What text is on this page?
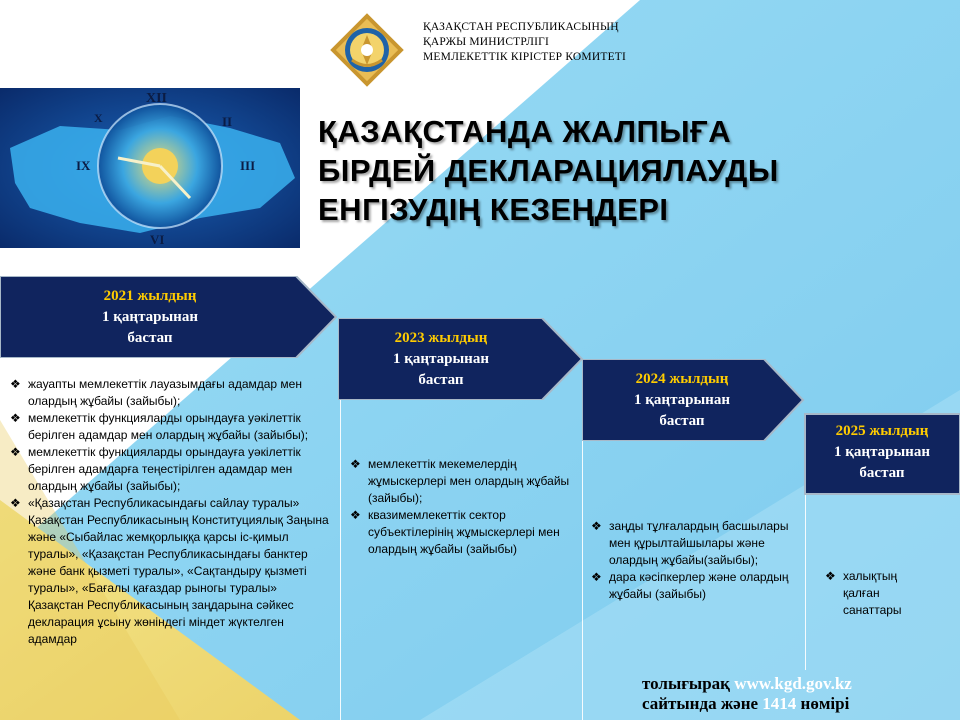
ҚАЗАҚСТАН РЕСПУБЛИКАСЫНЫҢ
ҚАРЖЫ МИНИСТРЛІГІ
МЕМЛЕКЕТТІК КІРІСТЕР КОМИТЕТІ
XII
II
III
IX
VI
X	ҚАЗАҚСТАНДА ЖАЛПЫҒА
БІРДЕЙ ДЕКЛАРАЦИЯЛАУДЫ
ЕНГІЗУДІҢ КЕЗЕҢДЕРІ
2021 жылдың
1 қаңтарынан
бастап	2023 жылдың
1 қаңтарынан
бастап	2024 жылдың
1 қаңтарынан
бастап
2025 жылдың
1 қаңтарынан
бастап
❖ жауапты мемлекеттік лауазымдағы адамдар мен олардың жұбайы (зайыбы);
❖ мемлекеттік функцияларды орындауға уәкілеттік берілген адамдар мен олардың жұбайы (зайыбы);
❖ мемлекеттік функцияларды орындауға уәкілеттік берілген адамдарға теңестірілген адамдар мен олардың жұбайы (зайыбы);
❖ «Қазақстан Республикасындағы сайлау туралы» Қазақстан Республикасының Конституциялық Заңына және «Сыбайлас жемқорлыққа қарсы іс-қимыл туралы», «Қазақстан Республикасындағы банктер және банк қызметі туралы», «Сақтандыру қызметі туралы», «Бағалы қағаздар рыногы туралы» Қазақстан Республикасының заңдарына сәйкес декларация ұсыну жөніндегі міндет жүктелген адамдар
❖ мемлекеттік мекемелердің жұмыскерлері мен олардың жұбайы (зайыбы);
❖ квазимемлекеттік сектор субъектілерінің жұмыскерлері мен олардың жұбайы (зайыбы)
❖ заңды тұлғалардың басшылары мен құрылтайшылары және олардың жұбайы(зайыбы);
❖ дара кәсіпкерлер және олардың жұбайы (зайыбы)
❖ халықтың қалған санаттары
толығырақ www.kgd.gov.kz
сайтында және 1414 нөмірі
